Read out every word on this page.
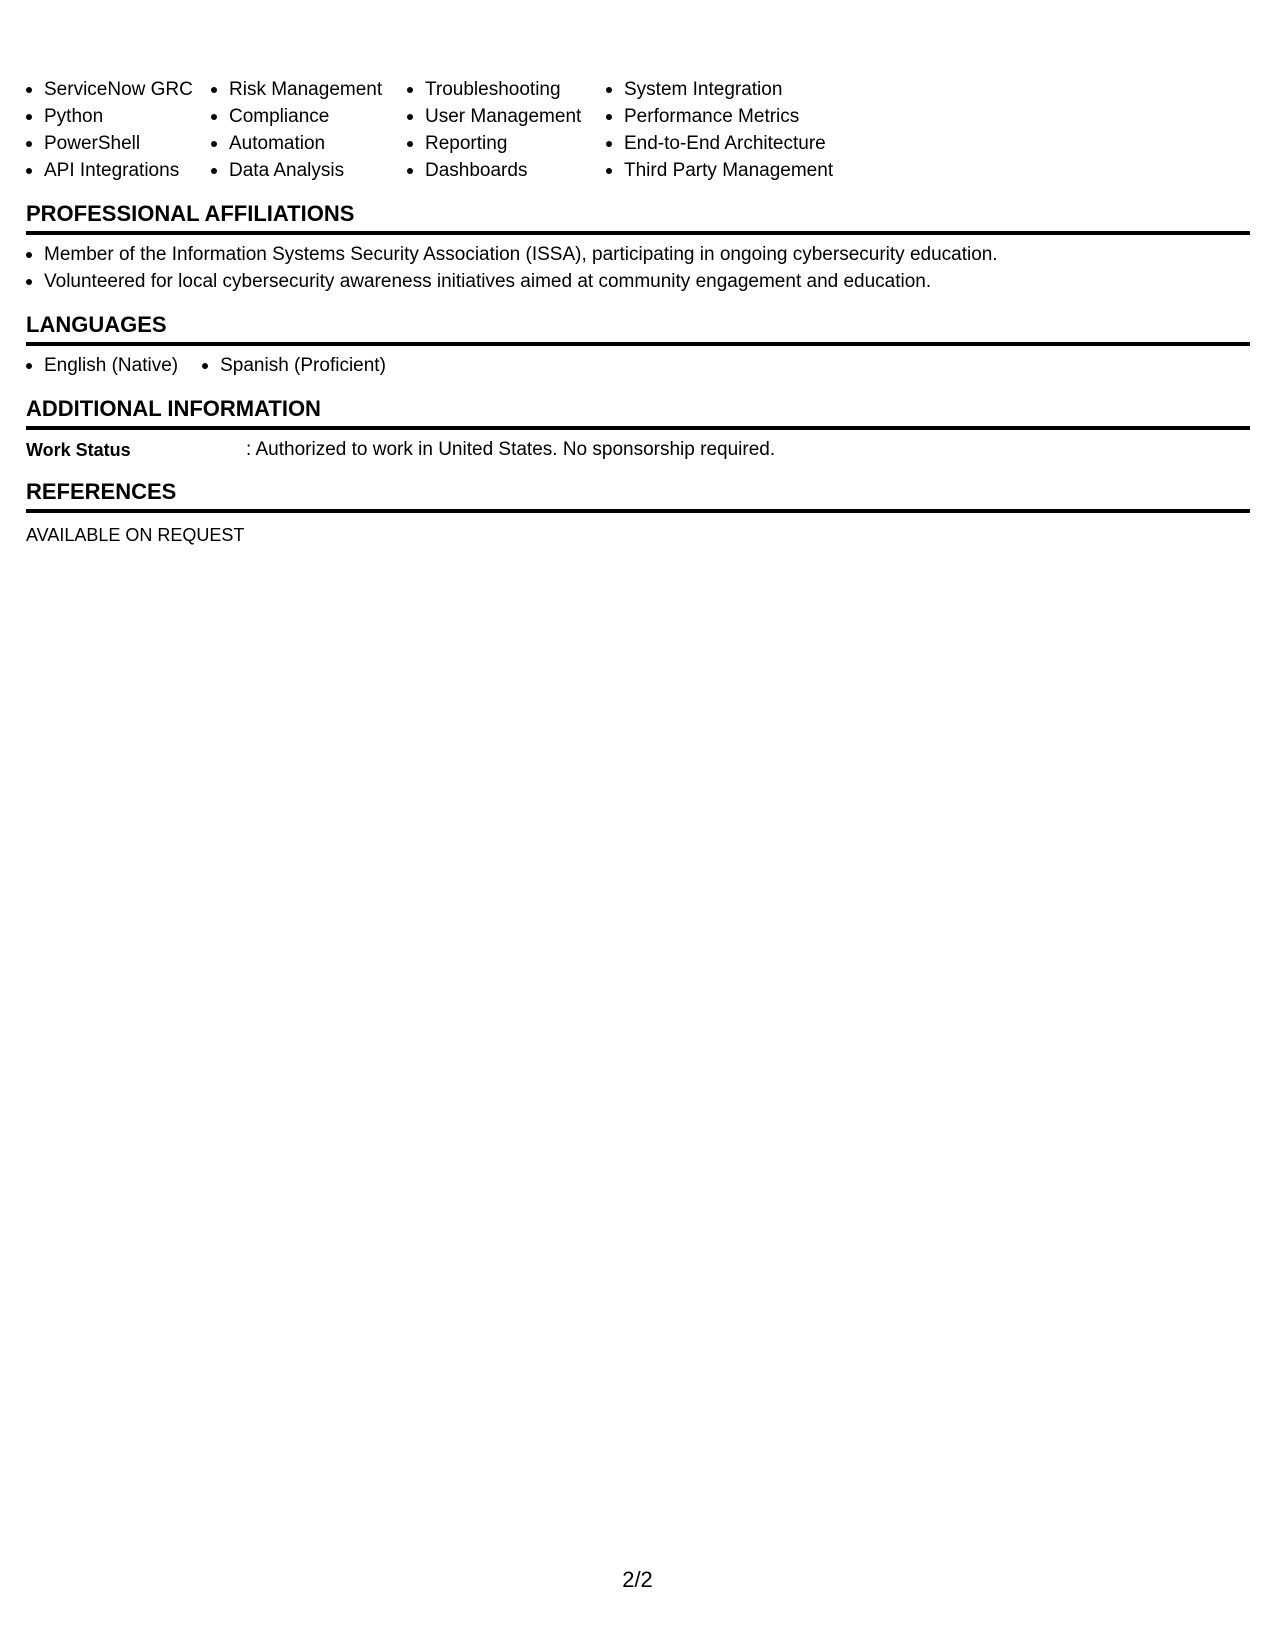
ServiceNow GRC
Python
PowerShell
API Integrations
Risk Management
Compliance
Automation
Data Analysis
Troubleshooting
User Management
Reporting
Dashboards
System Integration
Performance Metrics
End-to-End Architecture
Third Party Management
PROFESSIONAL AFFILIATIONS
Member of the Information Systems Security Association (ISSA), participating in ongoing cybersecurity education.
Volunteered for local cybersecurity awareness initiatives aimed at community engagement and education.
LANGUAGES
English (Native)	Spanish (Proficient)
ADDITIONAL INFORMATION
Work Status	: Authorized to work in United States. No sponsorship required.
REFERENCES
AVAILABLE ON REQUEST
2/2
